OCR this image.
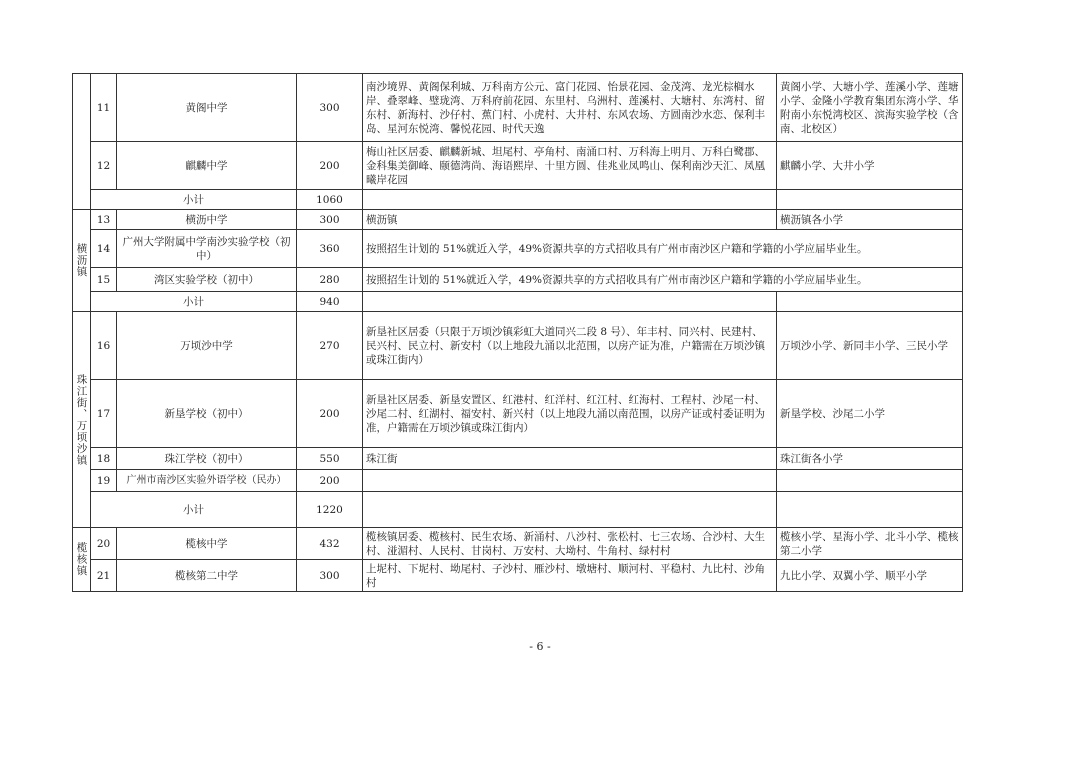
	11	黄阁中学	300	南沙境界、黄阁保利城、万科南方公元、富门花园、怡景花园、金茂湾、龙光棕榈水岸、叠翠峰、璧珑湾、万科府前花园、东里村、乌洲村、莲溪村、大塘村、东湾村、留东村、新海村、沙仔村、蕉门村、小虎村、大井村、东风农场、方圆南沙水恋、保利丰岛、星河东悦湾、馨悦花园、时代天逸	黄阁小学、大塘小学、莲溪小学、莲塘小学、金隆小学教育集团东湾小学、华附南小东悦湾校区、滨海实验学校（含南、北校区）
	12	麒麟中学	200	梅山社区居委、麒麟新城、坦尾村、亭角村、南涌口村、万科海上明月、万科白鹭郡、金科集美御峰、颐德湾尚、海语熙岸、十里方圆、佳兆业凤鸣山、保利南沙天汇、凤凰曦岸花园	麒麟小学、大井小学
	小计		1060		
横沥镇	13	横沥中学	300	横沥镇	横沥镇各小学
	14	广州大学附属中学南沙实验学校（初中）	360	按照招生计划的 51%就近入学，49%资源共享的方式招收具有广州市南沙区户籍和学籍的小学应届毕业生。	
	15	湾区实验学校（初中）	280	按照招生计划的 51%就近入学，49%资源共享的方式招收具有广州市南沙区户籍和学籍的小学应届毕业生。	
	小计		940		
珠江街、万顷沙镇	16	万顷沙中学	270	新垦社区居委（只限于万顷沙镇彩虹大道同兴二段 8 号）、年丰村、同兴村、民建村、民兴村、民立村、新安村（以上地段九涌以北范围，以房产证为准，户籍需在万顷沙镇或珠江街内）	万顷沙小学、新同丰小学、三民小学
	17	新垦学校（初中）	200	新垦社区居委、新垦安置区、红港村、红洋村、红江村、红海村、工程村、沙尾一村、沙尾二村、红湖村、福安村、新兴村（以上地段九涌以南范围，以房产证或村委证明为准，户籍需在万顷沙镇或珠江街内）	新垦学校、沙尾二小学
	18	珠江学校（初中）	550	珠江街	珠江街各小学
	19	广州市南沙区实验外语学校（民办）	200		
	小计		1220		
榄核镇	20	榄核中学	432	榄核镇居委、榄核村、民生农场、新涌村、八沙村、张松村、七三农场、合沙村、大生村、湴湄村、人民村、甘岗村、万安村、大坳村、牛角村、绿村村	榄核小学、星海小学、北斗小学、榄核第二小学
	21	榄核第二中学	300	上坭村、下坭村、坳尾村、子沙村、雁沙村、墩塘村、顺河村、平稳村、九比村、沙角村	九比小学、双翼小学、顺平小学
- 6 -
